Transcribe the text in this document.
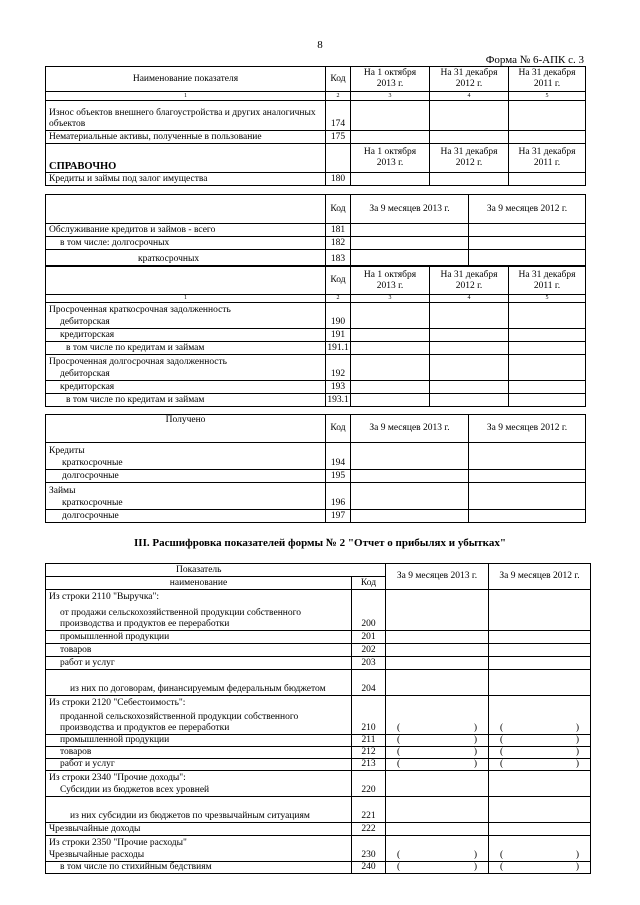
8
Форма № 6-АПК с. 3
Наименование показателя	Код	На 1 октября 2013 г.	На 31 декабря 2012 г.	На 31 декабря 2011 г.
1	2	3	4	5
Износ объектов внешнего благоустройства и других аналогичных объектов	174			
Нематериальные активы, полученные в пользование	175			
СПРАВОЧНО		На 1 октября 2013 г.	На 31 декабря 2012 г.	На 31 декабря 2011 г.
Кредиты и займы под залог имущества	180			
	Код	За 9 месяцев 2013 г.	За 9 месяцев 2012 г.
Обслуживание кредитов и займов - всего	181		
в том числе: долгосрочных	182		
краткосрочных	183		
	Код	На 1 октября 2013 г.	На 31 декабря 2012 г.	На 31 декабря 2011 г.
1	2	3	4	5
Просроченная краткосрочная задолженность				
дебиторская	190			
кредиторская	191			
в том числе по кредитам и займам	191.1			
Просроченная долгосрочная задолженность				
дебиторская	192			
кредиторская	193			
в том числе по кредитам и займам	193.1			
Получено	Код	За 9 месяцев 2013 г.	За 9 месяцев 2012 г.
Кредиты			
краткосрочные	194		
долгосрочные	195		
Займы			
краткосрочные	196		
долгосрочные	197		
III. Расшифровка показателей формы № 2 "Отчет о прибылях и убытках"
Показатель		За 9 месяцев 2013 г.	За 9 месяцев 2012 г.
наименование	Код		
Из строки 2110 "Выручка":			
от продажи сельскохозяйственной продукции собственного производства и продуктов ее переработки	200		
промышленной продукции	201		
товаров	202		
работ и услуг	203		
из них по договорам, финансируемым федеральным бюджетом	204		
Из строки 2120 "Себестоимость":			
проданной сельскохозяйственной продукции собственного производства и продуктов ее переработки	210	( )	( )

промышленной продукции	211	( )	( )

товаров	212	( )	( )

работ и услуг	213	( )	( )

Из строки 2340 "Прочие доходы":			
Субсидии из бюджетов всех уровней	220		
из них субсидии из бюджетов по чрезвычайным ситуациям	221		
Чрезвычайные доходы	222		
Из строки 2350 "Прочие расходы"			
Чрезвычайные расходы	230	( )	( )

в том числе по стихийным бедствиям	240	( )	( )
